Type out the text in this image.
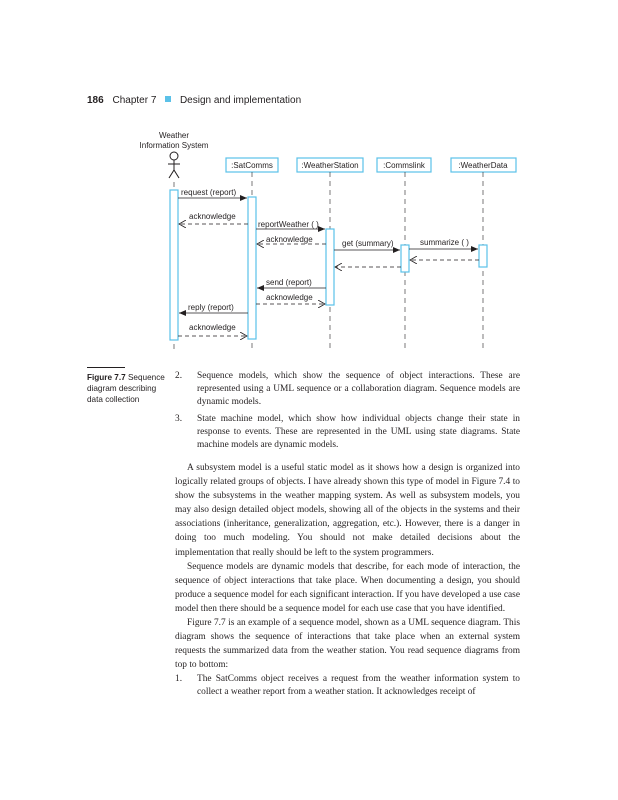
186 Chapter 7 Design and implementation
Weather
Information System
:SatComms	:WeatherStation	:Commslink	:WeatherData
request (report)
acknowledge
reportWeather ( )
acknowledge	get (summary)	summarize ( )
send (report)
acknowledge
reply (report)
acknowledge
Figure 7.7 Sequence diagram describing data collection
2. Sequence models, which show the sequence of object interactions. These are represented using a UML sequence or a collaboration diagram. Sequence models are dynamic models.
3. State machine model, which show how individual objects change their state in response to events. These are represented in the UML using state diagrams. State machine models are dynamic models.

A subsystem model is a useful static model as it shows how a design is organized into logically related groups of objects. I have already shown this type of model in Figure 7.4 to show the subsystems in the weather mapping system. As well as subsystem models, you may also design detailed object models, showing all of the objects in the systems and their associations (inheritance, generalization, aggregation, etc.). However, there is a danger in doing too much modeling. You should not make detailed decisions about the implementation that really should be left to the system programmers.

Sequence models are dynamic models that describe, for each mode of interaction, the sequence of object interactions that take place. When documenting a design, you should produce a sequence model for each significant interaction. If you have developed a use case model then there should be a sequence model for each use case that you have identified.

Figure 7.7 is an example of a sequence model, shown as a UML sequence diagram. This diagram shows the sequence of interactions that take place when an external system requests the summarized data from the weather station. You read sequence diagrams from top to bottom:

1. The SatComms object receives a request from the weather information system to collect a weather report from a weather station. It acknowledges receipt of
